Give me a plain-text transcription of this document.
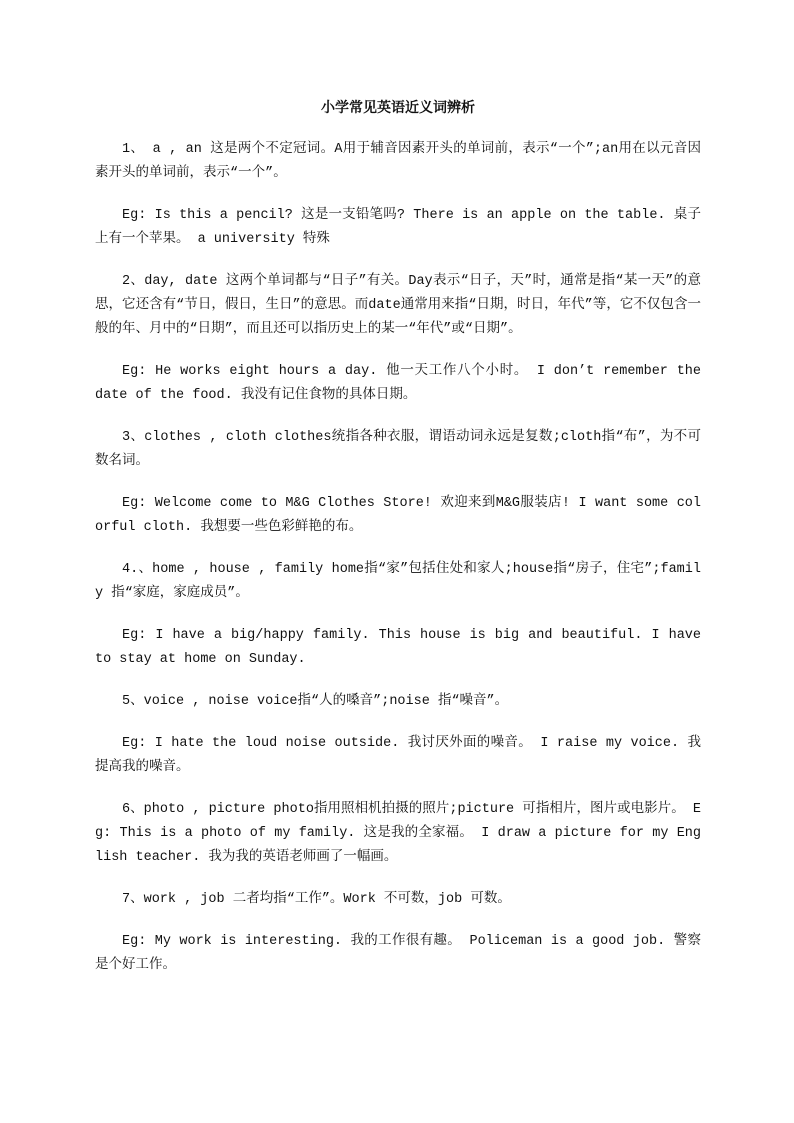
小学常见英语近义词辨析

1、 a , an 这是两个不定冠词。A用于辅音因素开头的单词前，表示“一个”;an用在以元音因素开头的单词前，表示“一个”。

Eg: Is this a pencil? 这是一支铅笔吗? There is an apple on the table. 桌子上有一个苹果。 a university 特殊

2、day, date 这两个单词都与“日子”有关。Day表示“日子，天”时，通常是指“某一天”的意思，它还含有“节日，假日，生日”的意思。而date通常用来指“日期，时日，年代”等，它不仅包含一般的年、月中的“日期”，而且还可以指历史上的某一“年代”或“日期”。

Eg: He works eight hours a day. 他一天工作八个小时。 I don’t remember the date of the food. 我没有记住食物的具体日期。

3、clothes , cloth clothes统指各种衣服，谓语动词永远是复数;cloth指“布”，为不可数名词。

Eg: Welcome come to M&G Clothes Store! 欢迎来到M&G服装店! I want some colorful cloth. 我想要一些色彩鲜艳的布。

4.、home , house , family home指“家”包括住处和家人;house指“房子，住宅”;family 指“家庭，家庭成员”。

Eg: I have a big/happy family. This house is big and beautiful. I have to stay at home on Sunday.

5、voice , noise voice指“人的嗓音”;noise 指“噪音”。

Eg: I hate the loud noise outside. 我讨厌外面的噪音。 I raise my voice. 我提高我的噪音。

6、photo , picture photo指用照相机拍摄的照片;picture 可指相片，图片或电影片。 Eg: This is a photo of my family. 这是我的全家福。 I draw a picture for my English teacher. 我为我的英语老师画了一幅画。

7、work , job 二者均指“工作”。Work 不可数，job 可数。

Eg: My work is interesting. 我的工作很有趣。 Policeman is a good job. 警察是个好工作。
